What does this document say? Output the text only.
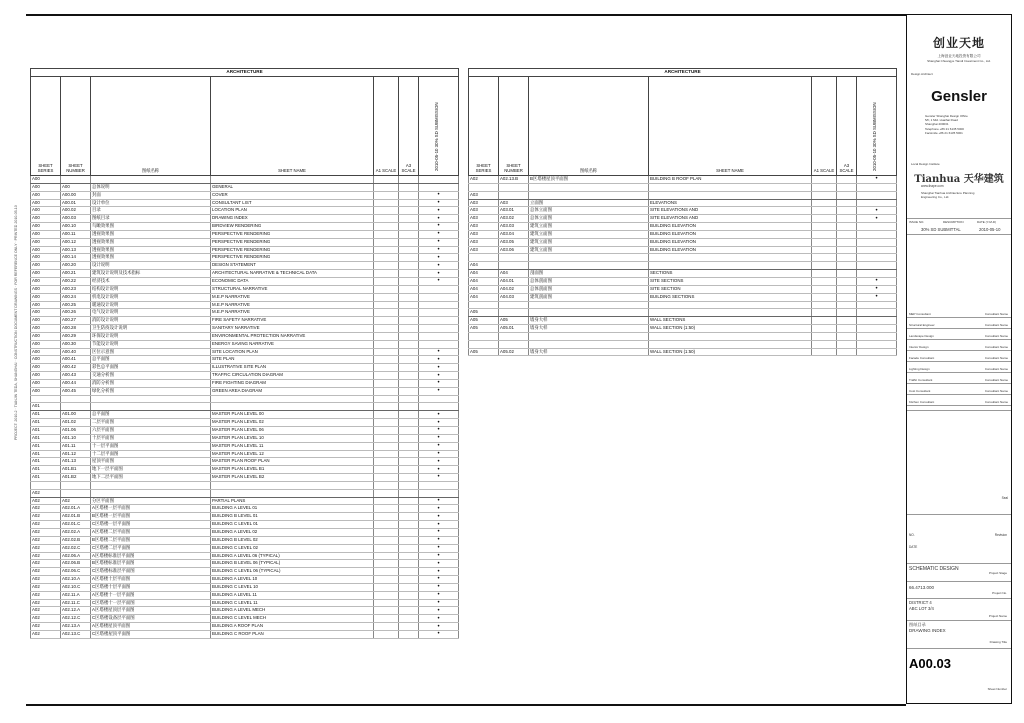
PROJECT: 2010-2 · TIANJIN TEDA, SHANGHAI · CONSTRUCTION DOCUMENT DRAWINGS · FOR REFERENCE ONLY · PRINTED 2010-05-10
ARCHITECTURE						
SHEET SERIES	SHEET NUMBER	图纸名称	SHEET NAME	A1 SCALE	A3 SCALE	2010-05-10 30% SD SUBMISSION

A00						
A00	A00	总体说明	GENERAL			
A00	A00.00	封面	COVER			•
A00	A00.01	设计单位	CONSULTANT LIST			•
A00	A00.02	目录	LOCATION PLAN			•
A00	A00.03	图纸目录	DRAWING INDEX			•
A00	A00.10	鸟瞰效果图	BIRDVIEW RENDERING			•
A00	A00.11	透视效果图	PERSPECTIVE RENDERING			•
A00	A00.12	透视效果图	PERSPECTIVE RENDERING			•
A00	A00.13	透视效果图	PERSPECTIVE RENDERING			•
A00	A00.14	透视效果图	PERSPECTIVE RENDERING			•
A00	A00.20	设计说明	DESIGN STATEMENT			•
A00	A00.21	建筑设计说明及技术指标	ARCHITECTURAL NARRATIVE & TECHNICAL DATA			•
A00	A00.22	经济技术	ECONOMIC DATA			•
A00	A00.23	结构设计说明	STRUCTURAL NARRATIVE			
A00	A00.24	机电设计说明	M.E.P NARRATIVE			
A00	A00.25	暖通设计说明	M.E.P NARRATIVE			
A00	A00.26	电气设计说明	M.E.P NARRATIVE			
A00	A00.27	消防设计说明	FIRE SAFETY NARRATIVE			
A00	A00.28	卫生防疫设计说明	SANITARY NARRATIVE			
A00	A00.29	环保设计说明	ENVIRONMENTAL PROTECTION NARRATIVE			
A00	A00.30	节能设计说明	ENERGY SAVING NARRATIVE			
A00	A00.40	区位示意图	SITE LOCATION PLAN			•
A00	A00.41	总平面图	SITE PLAN			•
A00	A00.42	彩色总平面图	ILLUSTRATIVE SITE PLAN			•
A00	A00.43	交通分析图	TRAFFIC CIRCULATION DIAGRAM			•
A00	A00.44	消防分析图	FIRE FIGHTING DIAGRAM			•
A00	A00.45	绿化分析图	GREEN AREA DIAGRAM			•

A01						
A01	A01.00	总平面图	MASTER PLAN LEVEL 00			•
A01	A01.02	二层平面图	MASTER PLAN LEVEL 02			•
A01	A01.06	六层平面图	MASTER PLAN LEVEL 06			•
A01	A01.10	十层平面图	MASTER PLAN LEVEL 10			•
A01	A01.11	十一层平面图	MASTER PLAN LEVEL 11			•
A01	A01.12	十二层平面图	MASTER PLAN LEVEL 12			•
A01	A01.13	屋顶平面图	MASTER PLAN ROOF PLAN			•
A01	A01.B1	地下一层平面图	MASTER PLAN LEVEL B1			•
A01	A01.B2	地下二层平面图	MASTER PLAN LEVEL B2			•

A02						
A02	A02	分区平面图	PARTIAL PLANS			•
A02	A02.01.A	A区塔楼一层平面图	BUILDING A LEVEL 01			•
A02	A02.01.B	B区塔楼一层平面图	BUILDING B LEVEL 01			•
A02	A02.01.C	C区塔楼一层平面图	BUILDING C LEVEL 01			•
A02	A02.02.A	A区塔楼二层平面图	BUILDING A LEVEL 02			•
A02	A02.02.B	B区塔楼二层平面图	BUILDING B LEVEL 02			•
A02	A02.02.C	C区塔楼二层平面图	BUILDING C LEVEL 02			•
A02	A02.06.A	A区塔楼标准层平面图	BUILDING A LEVEL 06 (TYPICAL)			•
A02	A02.06.B	B区塔楼标准层平面图	BUILDING B LEVEL 06 (TYPICAL)			•
A02	A02.06.C	C区塔楼标准层平面图	BUILDING C LEVEL 06 (TYPICAL)			•
A02	A02.10.A	A区塔楼十层平面图	BUILDING A LEVEL 10			•
A02	A02.10.C	C区塔楼十层平面图	BUILDING C LEVEL 10			•
A02	A02.11.A	A区塔楼十一层平面图	BUILDING A LEVEL 11			•
A02	A02.11.C	C区塔楼十一层平面图	BUILDING C LEVEL 11			•
A02	A02.12.A	A区塔楼屋顶层平面图	BUILDING A LEVEL MECH			•
A02	A02.12.C	C区塔楼设备层平面图	BUILDING C LEVEL MECH			•
A02	A02.13.A	A区塔楼屋顶平面图	BUILDING A ROOF PLAN			•
A02	A02.13.C	C区塔楼屋顶平面图	BUILDING C ROOF PLAN			•
ARCHITECTURE						
SHEET SERIES	SHEET NUMBER	图纸名称	SHEET NAME	A1 SCALE	A3 SCALE	2010-05-10 30% SD SUBMISSION

A02	A02.13.B	B区塔楼屋顶平面图	BUILDING B ROOF PLAN			•

A03						
A03	A03	立面图	ELEVATIONS			
A03	A03.01	总体立面图	SITE ELEVATIONS AND			•
A03	A03.02	总体立面图	SITE ELEVATIONS AND			•
A03	A03.03	建筑立面图	BUILDING ELEVATION			
A03	A03.04	建筑立面图	BUILDING ELEVATION			
A03	A03.05	建筑立面图	BUILDING ELEVATION			
A03	A03.06	建筑立面图	BUILDING ELEVATION			

A04						
A04	A04	剖面图	SECTIONS			
A04	A04.01	总体剖面图	SITE SECTIONS			•
A04	A04.02	总体剖面图	SITE SECTION			•
A04	A04.03	建筑剖面图	BUILDING SECTIONS			•

A05						
A05	A05	墙身大样	WALL SECTIONS			
A05	A05.01	墙身大样	WALL SECTION (1:50)			

A05	A05.02	墙身大样	WALL SECTION (1:50)			
创业天地
上海创业天地投资有限公司
Shanghai Chuangye Tiandi Investment Co., Ltd.
Design Architect
Gensler
Gensler Shanghai Design Office
5/F, 1 Mid. Huaihai Road
Shanghai 200031
Telephone +86 21 6135 5000
Facsimile +86 21 6135 5001
Local Design Institute
Tianhua 天华建筑
www.thape.com
Shanghai Tianhua Architecture Planning
Engineering Co., Ltd.
ISSUE NO.	DESCRIPTION	DATE (Y-M-D)
30% SD SUBMITTAL	2010-05-10
MEP Consultant	Consultant Name
Structural Engineer	Consultant Name
Landscape Design	Consultant Name
Interior Design	Consultant Name
Facade Consultant	Consultant Name
Lighting Design	Consultant Name
Traffic Consultant	Consultant Name
Cost Consultant	Consultant Name
Kitchen Consultant	Consultant Name
Seal
NO.	Revision
DATE
SCHEMATIC DESIGN
Project Stage
66.4713.000
Project No.
DISTRICT 4
ABC LOT 3/4
Project Name
图纸目录
DRAWING INDEX
Drawing Title
A00.03
Sheet Number
